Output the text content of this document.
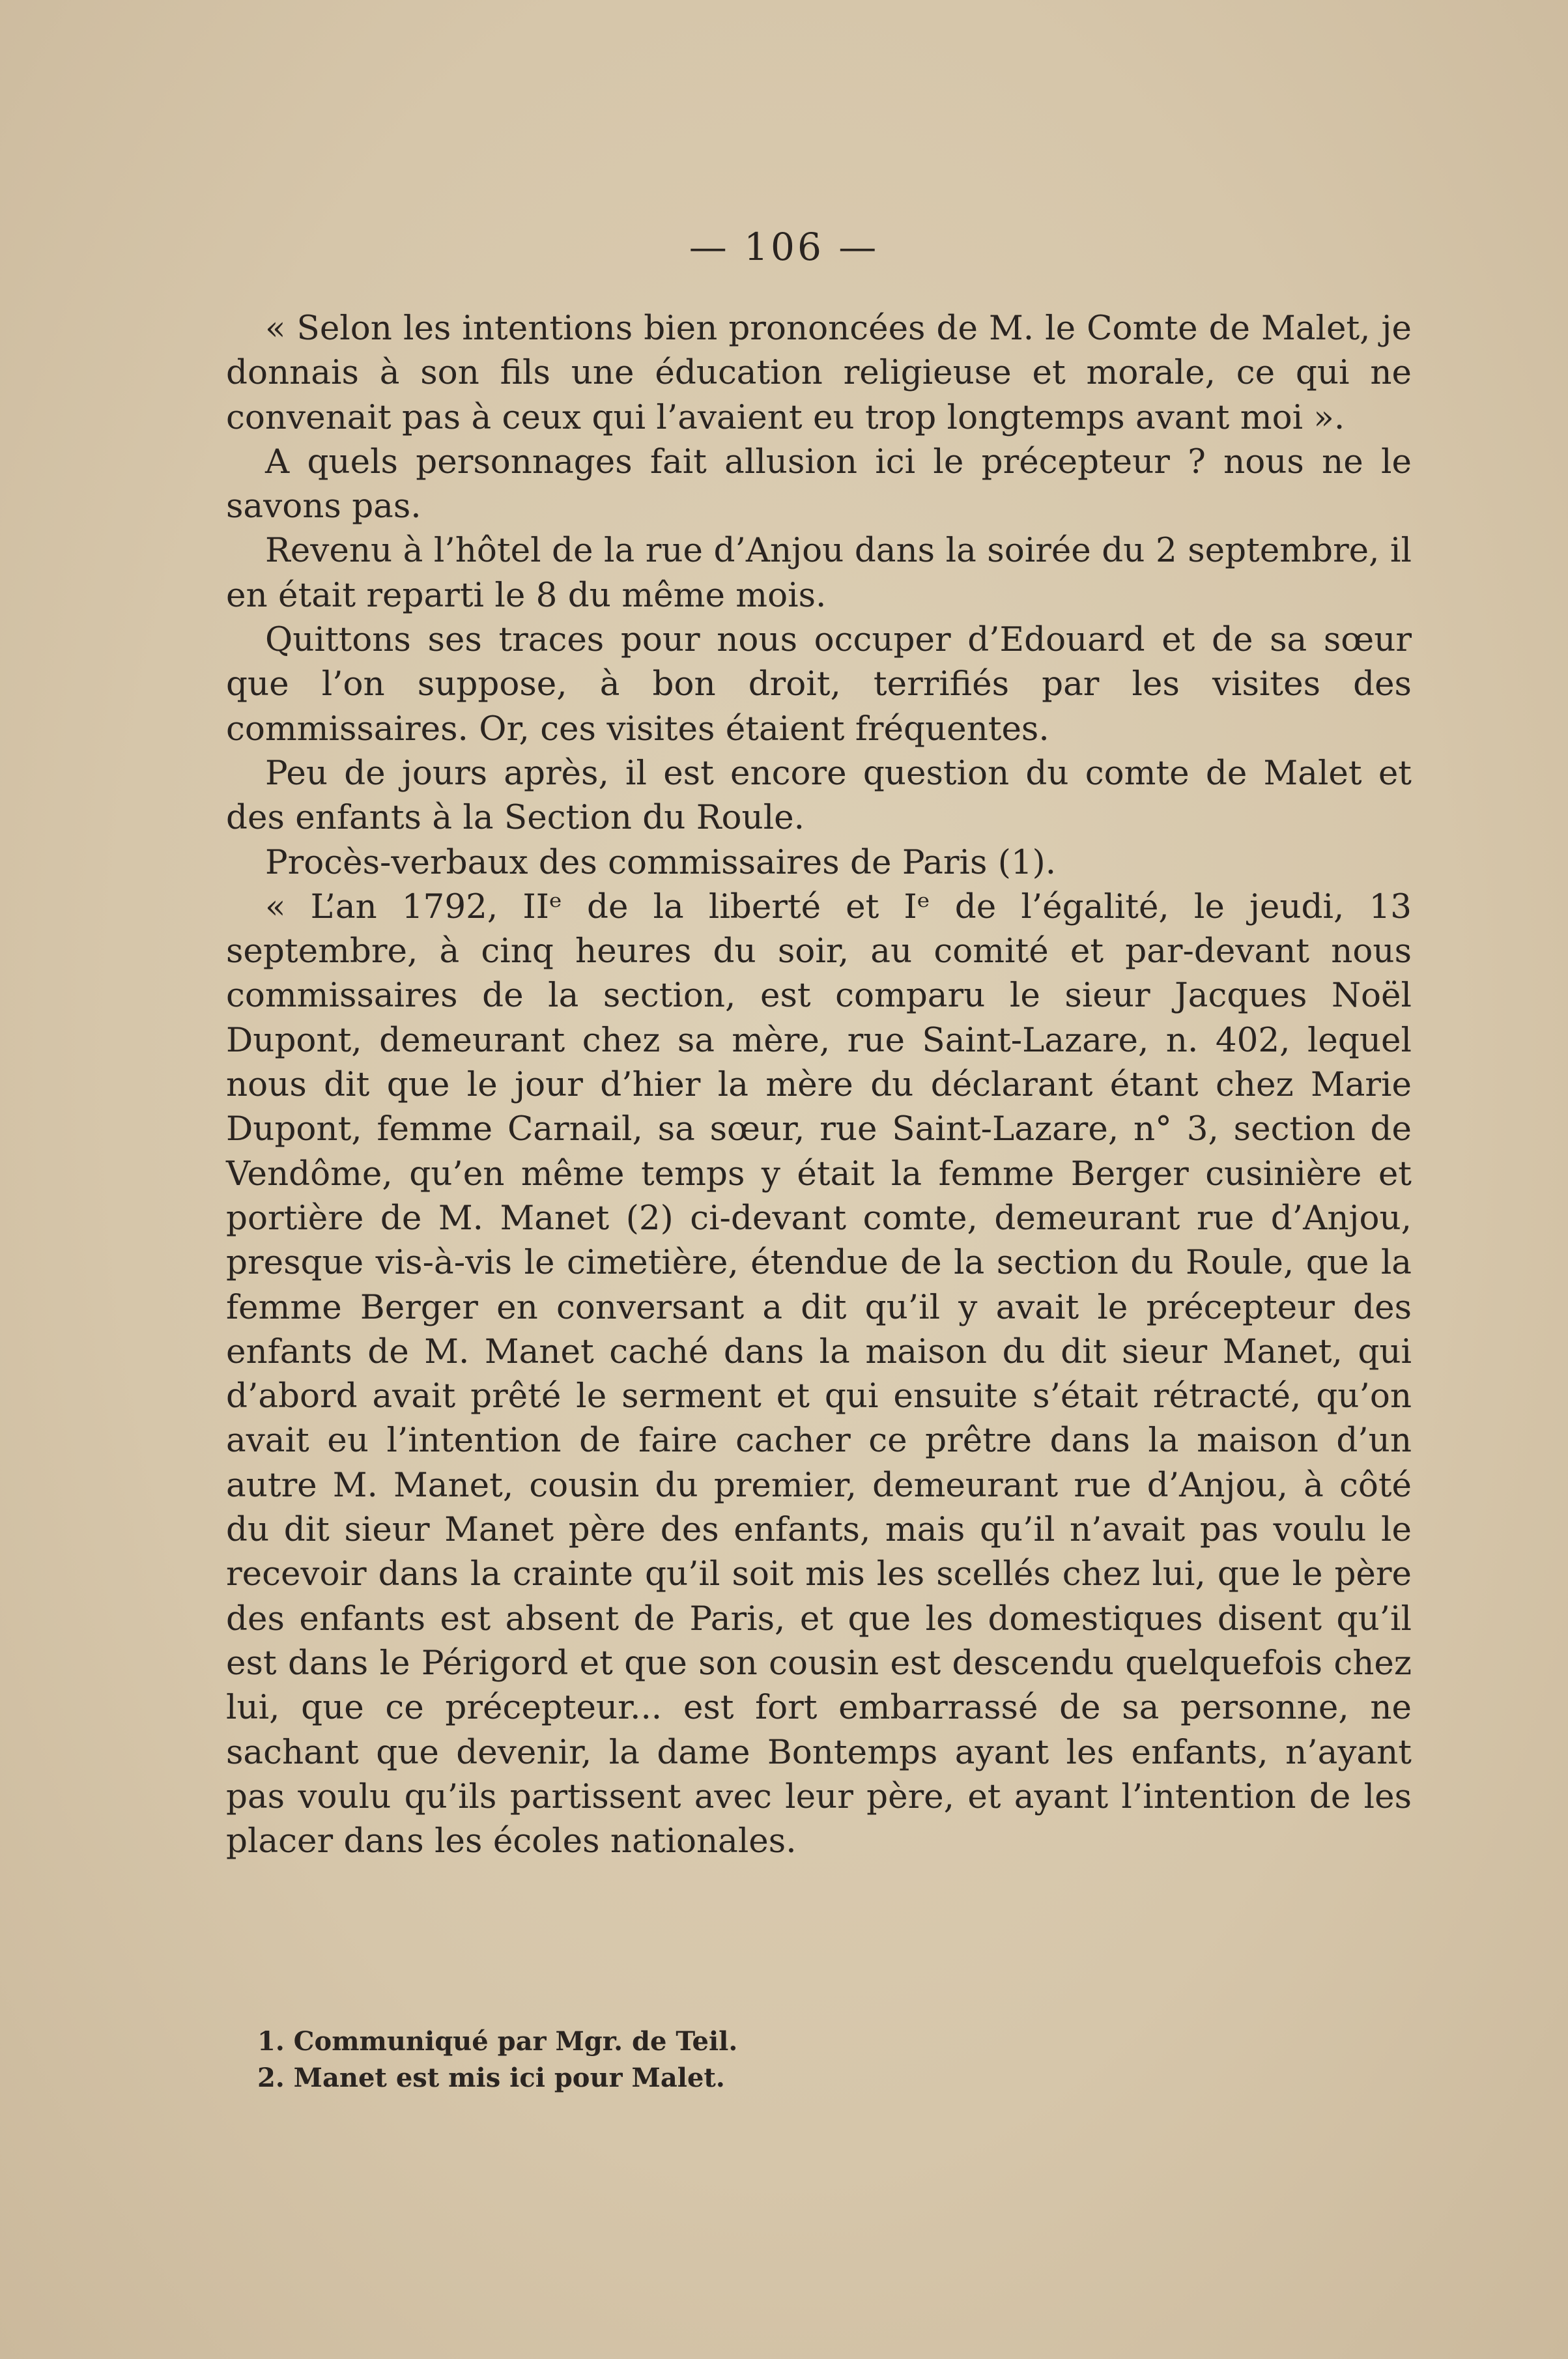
— 106 —

« Selon les intentions bien prononcées de M. le Comte de Malet, je donnais à son fils une éducation religieuse et morale, ce qui ne convenait pas à ceux qui l’avaient eu trop longtemps avant moi ».

A quels personnages fait allusion ici le précepteur ? nous ne le savons pas.

Revenu à l’hôtel de la rue d’Anjou dans la soirée du 2 septembre, il en était reparti le 8 du même mois.

Quittons ses traces pour nous occuper d’Edouard et de sa sœur que l’on suppose, à bon droit, terrifiés par les visites des commissaires. Or, ces visites étaient fréquentes.

Peu de jours après, il est encore question du comte de Malet et des enfants à la Section du Roule.

Procès-verbaux des commissaires de Paris (1).

« L’an 1792, IIᵉ de la liberté et Iᵉ de l’égalité, le jeudi, 13 septembre, à cinq heures du soir, au comité et par-devant nous commissaires de la section, est comparu le sieur Jacques Noël Dupont, demeurant chez sa mère, rue Saint-Lazare, n. 402, lequel nous dit que le jour d’hier la mère du déclarant étant chez Marie Dupont, femme Carnail, sa sœur, rue Saint-Lazare, n° 3, section de Vendôme, qu’en même temps y était la femme Berger cusinière et portière de M. Manet (2) ci-devant comte, demeurant rue d’Anjou, presque vis-à-vis le cimetière, étendue de la section du Roule, que la femme Berger en conversant a dit qu’il y avait le précepteur des enfants de M. Manet caché dans la maison du dit sieur Manet, qui d’abord avait prêté le serment et qui ensuite s’était rétracté, qu’on avait eu l’intention de faire cacher ce prêtre dans la maison d’un autre M. Manet, cousin du premier, demeurant rue d’Anjou, à côté du dit sieur Manet père des enfants, mais qu’il n’avait pas voulu le recevoir dans la crainte qu’il soit mis les scellés chez lui, que le père des enfants est absent de Paris, et que les domestiques disent qu’il est dans le Périgord et que son cousin est descendu quelquefois chez lui, que ce précepteur... est fort embarrassé de sa personne, ne sachant que devenir, la dame Bontemps ayant les enfants, n’ayant pas voulu qu’ils partissent avec leur père, et ayant l’intention de les placer dans les écoles nationales.

1. Communiqué par Mgr. de Teil.

2. Manet est mis ici pour Malet.
